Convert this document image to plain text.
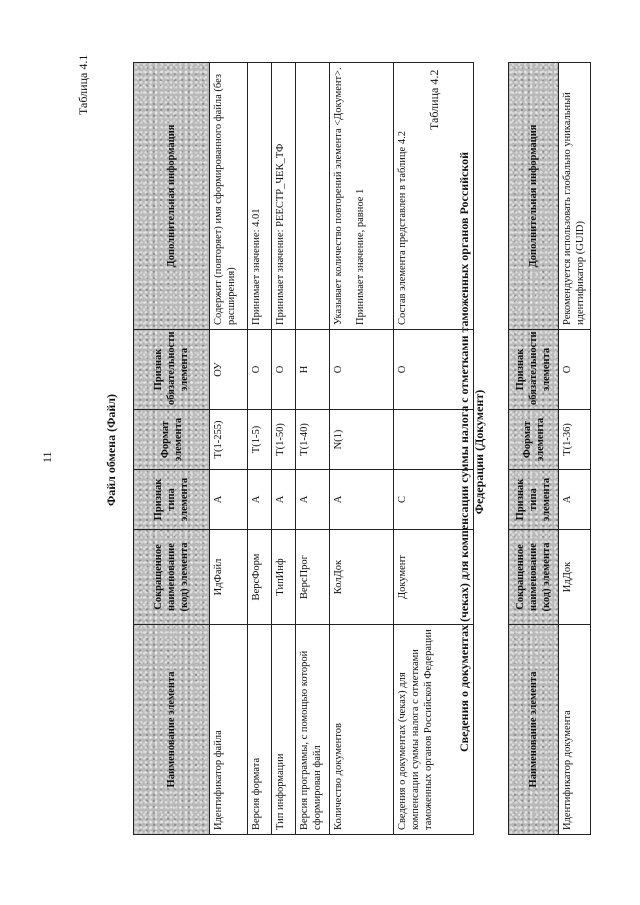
11
Таблица 4.1
Файл обмена (Файл)
Наименование элемента	Сокращенное наименование (код) элемента	Признак типа элемента	Формат элемента	Признак обязательности элемента	Дополнительная информация
Идентификатор файла	ИдФайл	А	T(1-255)	ОУ	Содержит (повторяет) имя сформированного файла (без расширения)

Версия формата	ВерсФорм	А	T(1-5)	О	Принимает значение: 4.01

Тип информации	ТипИнф	А	T(1-50)	О	Принимает значение: РЕЕСТР_ЧЕК_ТФ

Версия программы, с помощью которой сформирован файл	ВерсПрог	А	T(1-40)	Н	

Количество документов	КолДок	А	N(1)	О	Указывает количество повторений элемента <Документ>. Принимает значение, равное 1

Сведения о документах (чеках) для компенсации суммы налога с отметками таможенных органов Российской Федерации	Документ	С		О	Состав элемента представлен в таблице 4.2
Таблица 4.2
Сведения о документах (чеках) для компенсации суммы налога с отметками таможенных органов Российской Федерации (Документ)
Наименование элемента	Сокращенное наименование (код) элемента	Признак типа элемента	Формат элемента	Признак обязательности элемента	Дополнительная информация
Идентификатор документа	ИдДок	А	T(1-36)	О	Рекомендуется использовать глобально уникальный идентификатор (GUID)
